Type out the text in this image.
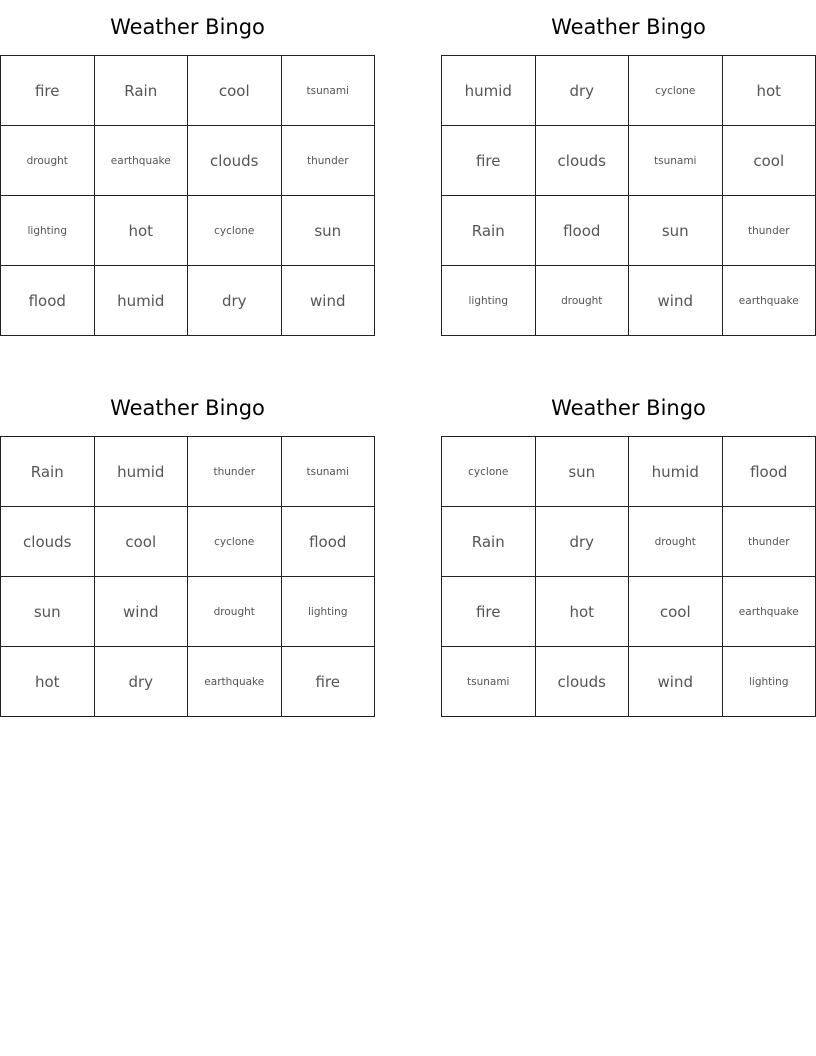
Weather Bingo
fire	Rain	cool	tsunami
drought	earthquake	clouds	thunder
lighting	hot	cyclone	sun
flood	humid	dry	wind
Weather Bingo
humid	dry	cyclone	hot
fire	clouds	tsunami	cool
Rain	flood	sun	thunder
lighting	drought	wind	earthquake
Weather Bingo
Rain	humid	thunder	tsunami
clouds	cool	cyclone	flood
sun	wind	drought	lighting
hot	dry	earthquake	fire
Weather Bingo
cyclone	sun	humid	flood
Rain	dry	drought	thunder
fire	hot	cool	earthquake
tsunami	clouds	wind	lighting
